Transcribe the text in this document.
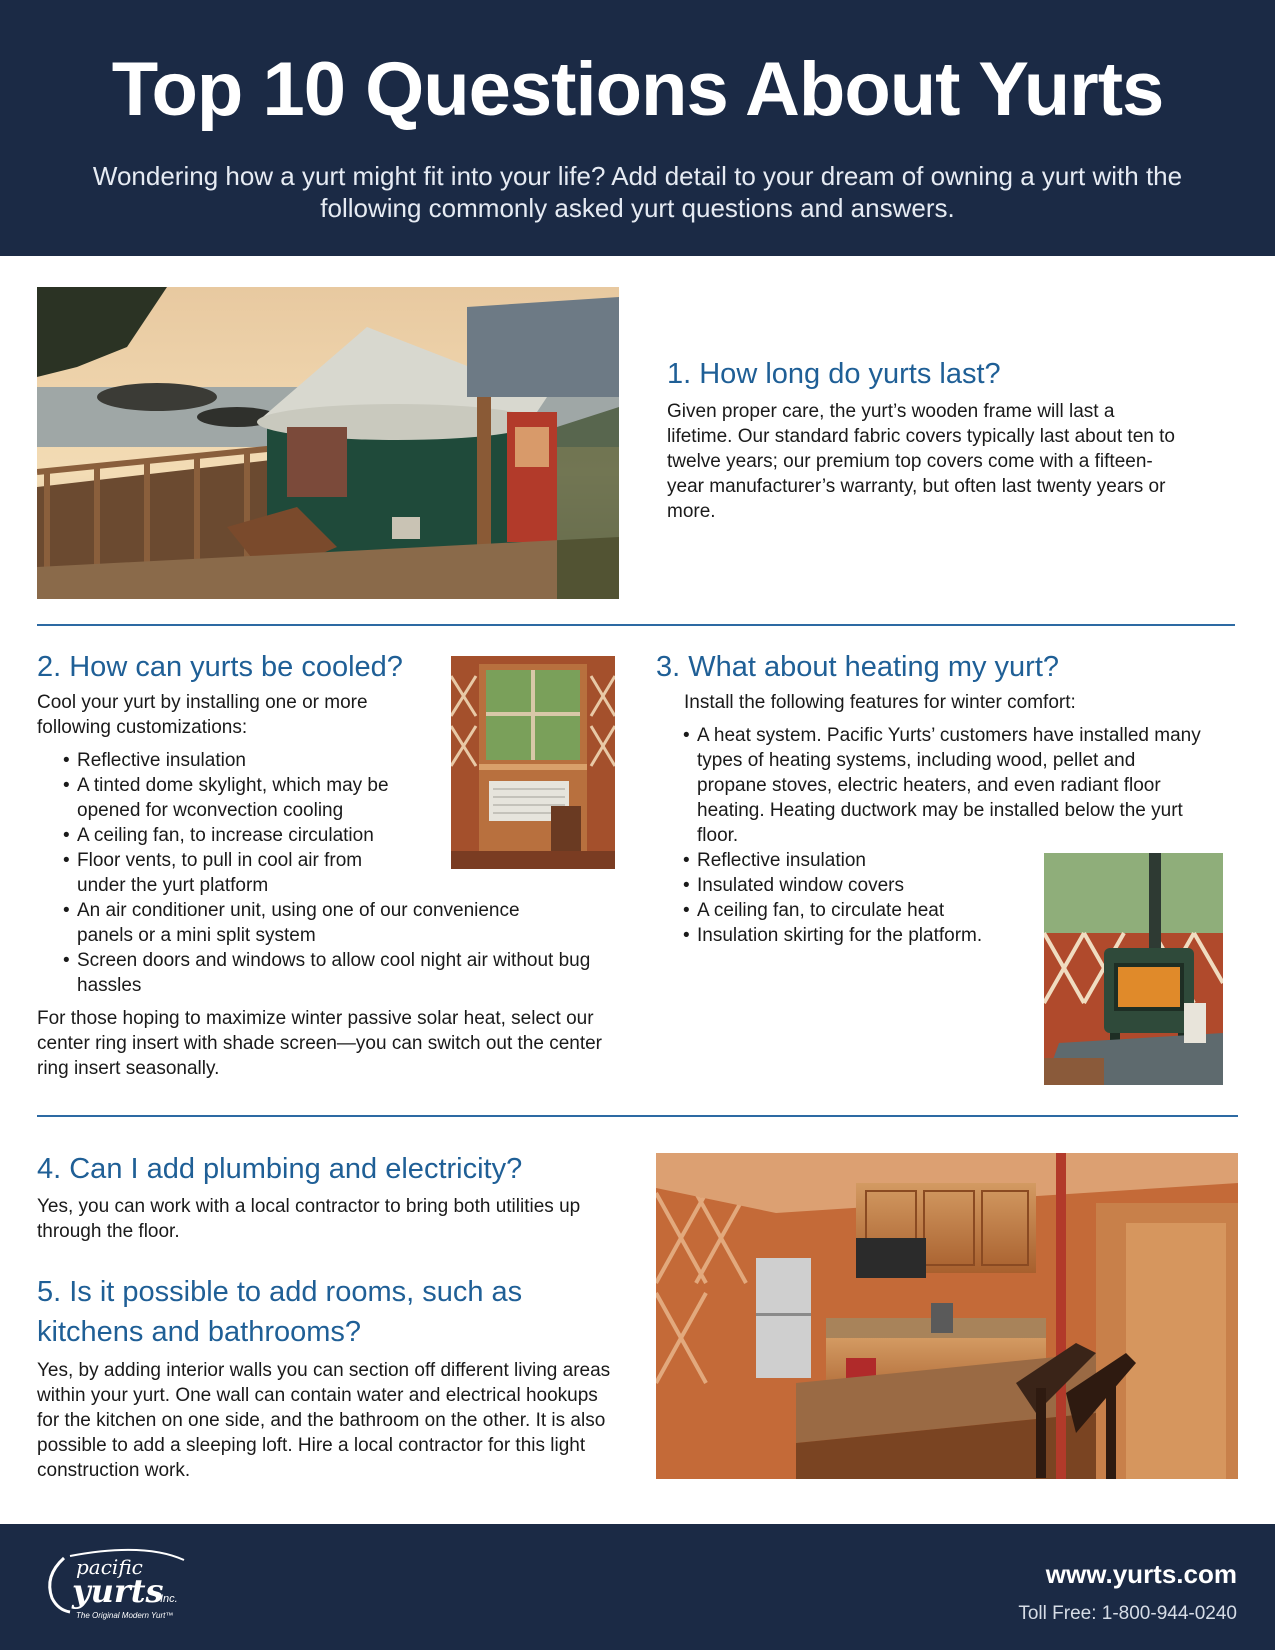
Top 10 Questions About Yurts

Wondering how a yurt might fit into your life? Add detail to your dream of owning a yurt with the following commonly asked yurt questions and answers.

1. How long do yurts last?

Given proper care, the yurt’s wooden frame will last a lifetime. Our standard fabric covers typically last about ten to twelve years; our premium top covers come with a fifteen-year manufacturer’s warranty, but often last twenty years or more.

2. How can yurts be cooled?

Cool your yurt by installing one or more following customizations:

• Reflective insulation
• A tinted dome skylight, which may be opened for wconvection cooling
• A ceiling fan, to increase circulation
• Floor vents, to pull in cool air from under the yurt platform
• An air conditioner unit, using one of our convenience panels or a mini split system
• Screen doors and windows to allow cool night air without bug hassles

For those hoping to maximize winter passive solar heat, select our center ring insert with shade screen—you can switch out the center ring insert seasonally.

3. What about heating my yurt?

Install the following features for winter comfort:

• A heat system. Pacific Yurts’ customers have installed many types of heating systems, including wood, pellet and propane stoves, electric heaters, and even radiant floor heating. Heating ductwork may be installed below the yurt floor.
• Reflective insulation
• Insulated window covers
• A ceiling fan, to circulate heat
• Insulation skirting for the platform.
4. Can I add plumbing and electricity?

Yes, you can work with a local contractor to bring both utilities up through the floor.

5. Is it possible to add rooms, such as kitchens and bathrooms?

Yes, by adding interior walls you can section off different living areas within your yurt. One wall can contain water and electrical hookups for the kitchen on one side, and the bathroom on the other. It is also possible to add a sleeping loft. Hire a local contractor for this light construction work.

pacific
yurts
Inc.
The Original Modern Yurt™
www.yurts.com
Toll Free: 1-800-944-0240
